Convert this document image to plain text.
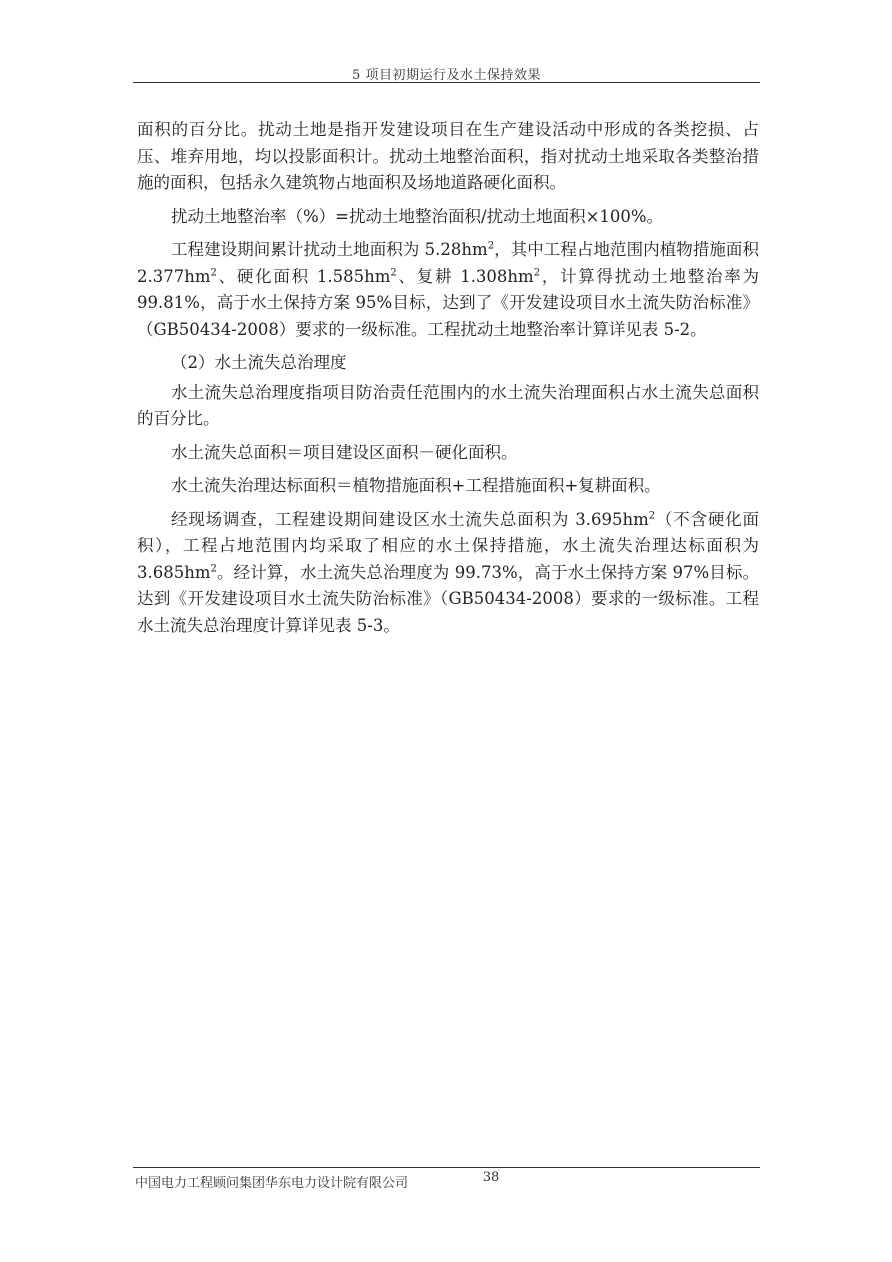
5 项目初期运行及水土保持效果

面积的百分比。扰动土地是指开发建设项目在生产建设活动中形成的各类挖损、占压、堆弃用地，均以投影面积计。扰动土地整治面积，指对扰动土地采取各类整治措施的面积，包括永久建筑物占地面积及场地道路硬化面积。

扰动土地整治率（%）=扰动土地整治面积/扰动土地面积×100%。

工程建设期间累计扰动土地面积为 $5.28hm^2$，其中工程占地范围内植物措施面积 $2.377hm^2$、硬化面积 $1.585hm^2$、复耕 $1.308hm^2$，计算得扰动土地整治率为 99.81%，高于水土保持方案 95%目标，达到了《开发建设项目水土流失防治标准》（GB50434-2008）要求的一级标准。工程扰动土地整治率计算详见表 5-2。

（2）水土流失总治理度

水土流失总治理度指项目防治责任范围内的水土流失治理面积占水土流失总面积的百分比。

水土流失总面积＝项目建设区面积－硬化面积。

水土流失治理达标面积＝植物措施面积+工程措施面积+复耕面积。

经现场调查，工程建设期间建设区水土流失总面积为 $3.695hm^2$（不含硬化面积），工程占地范围内均采取了相应的水土保持措施，水土流失治理达标面积为 $3.685hm^2$。经计算，水土流失总治理度为 99.73%，高于水土保持方案 97%目标。达到《开发建设项目水土流失防治标准》（GB50434-2008）要求的一级标准。工程水土流失总治理度计算详见表 5-3。

中国电力工程顾问集团华东电力设计院有限公司	38
